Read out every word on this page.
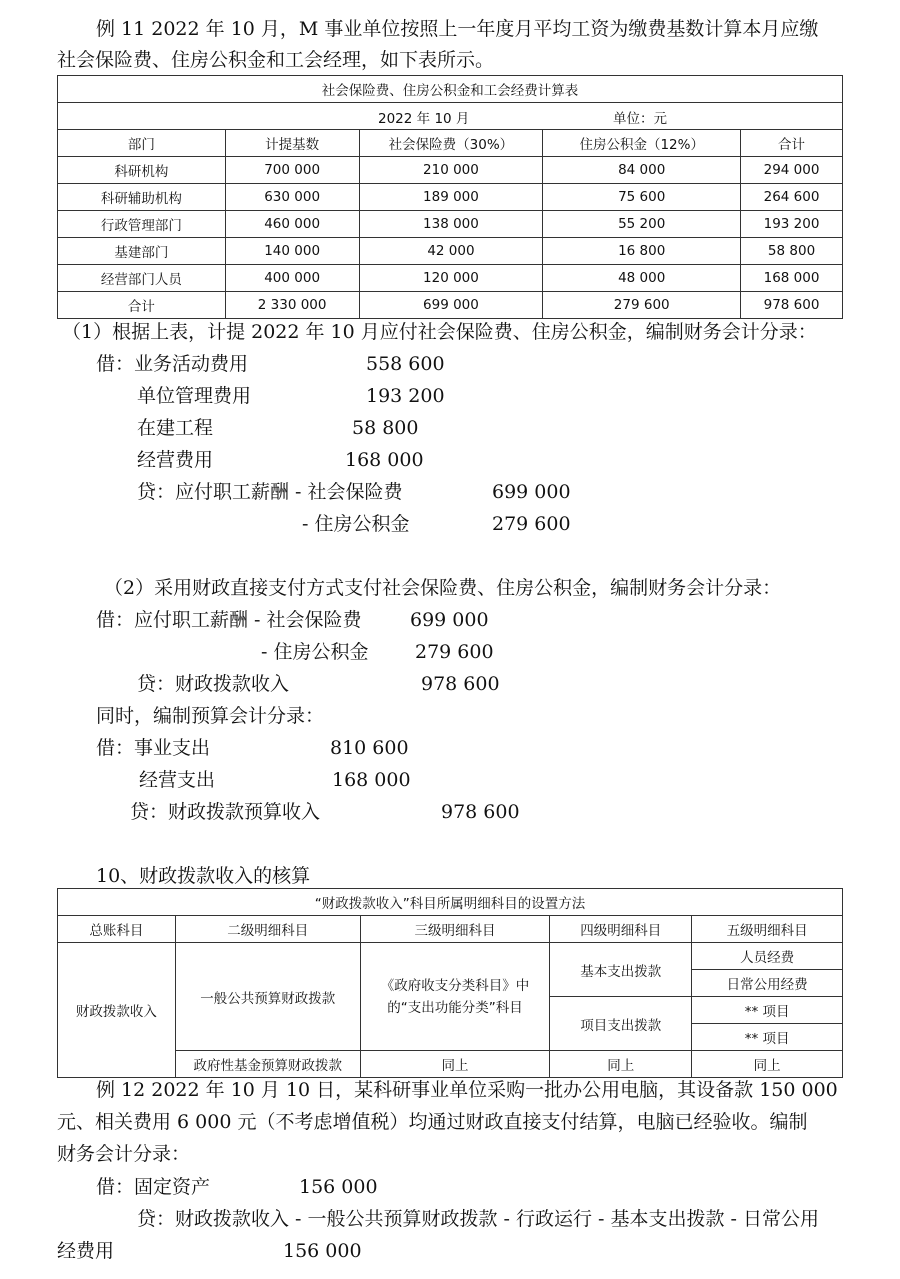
例 11 2022 年 10 月，M 事业单位按照上一年度月平均工资为缴费基数计算本月应缴
社会保险费、住房公积金和工会经理，如下表所示。
社会保险费、住房公积金和工会经费计算表				

2022 年 10 月 单位：元				

部门	计提基数	社会保险费（30%）	住房公积金（12%）	合计
科研机构	700 000	210 000	84 000	294 000
科研辅助机构	630 000	189 000	75 600	264 600
行政管理部门	460 000	138 000	55 200	193 200
基建部门	140 000	42 000	16 800	58 800
经营部门人员	400 000	120 000	48 000	168 000
合计	2 330 000	699 000	279 600	978 600
（1）根据上表，计提 2022 年 10 月应付社会保险费、住房公积金，编制财务会计分录：
借：业务活动费用	558 600
单位管理费用	193 200
在建工程	58 800
经营费用	168 000
贷：应付职工薪酬 - 社会保险费	699 000
- 住房公积金	279 600
（2）采用财政直接支付方式支付社会保险费、住房公积金，编制财务会计分录：
借：应付职工薪酬 - 社会保险费	699 000
- 住房公积金 279 600
贷：财政拨款收入	978 600
同时，编制预算会计分录：
借：事业支出	810 600
经营支出	168 000
贷：财政拨款预算收入	978 600
10、财政拨款收入的核算
“财政拨款收入”科目所属明细科目的设置方法				
总账科目	二级明细科目	三级明细科目	四级明细科目	五级明细科目
财政拨款收入	一般公共预算财政拨款	《政府收支分类科目》中的“支出功能分类”科目	基本支出拨款	人员经费
				日常公用经费
			项目支出拨款	** 项目
				** 项目
	政府性基金预算财政拨款	同上	同上	同上
例 12 2022 年 10 月 10 日，某科研事业单位采购一批办公用电脑，其设备款 150 000
元、相关费用 6 000 元（不考虑增值税）均通过财政直接支付结算，电脑已经验收。编制
财务会计分录：
借：固定资产	156 000
贷：财政拨款收入 - 一般公共预算财政拨款 - 行政运行 - 基本支出拨款 - 日常公用
经费用	156 000
